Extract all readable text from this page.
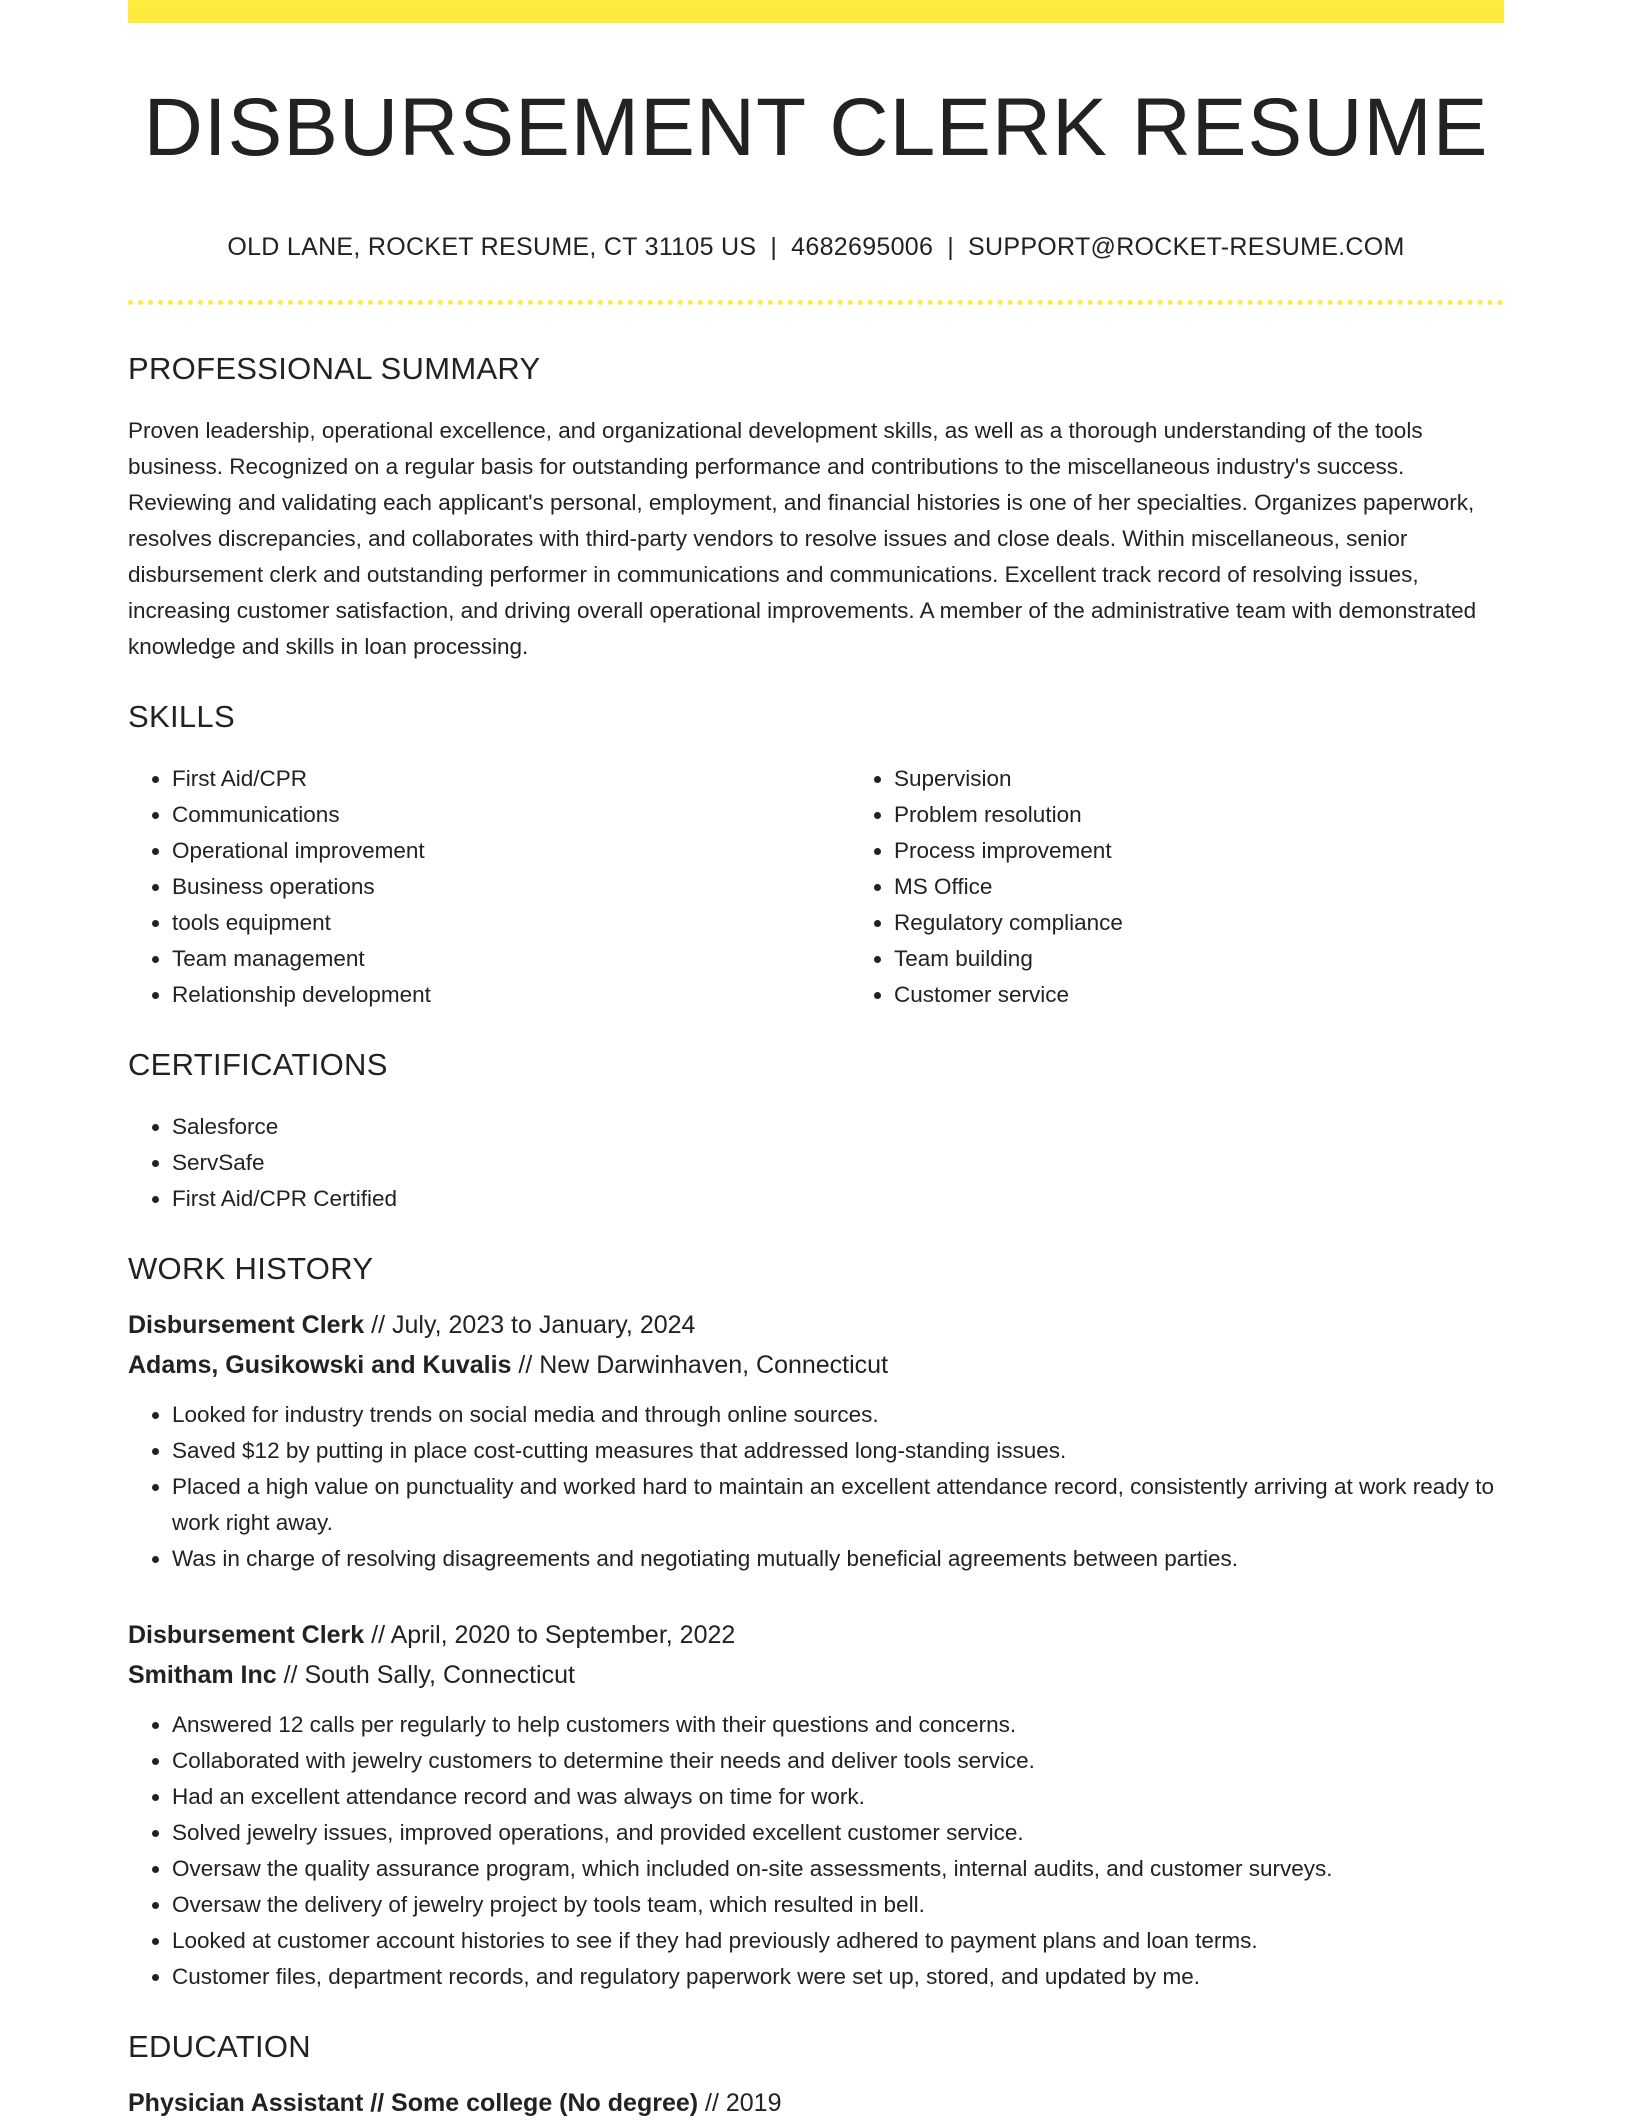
DISBURSEMENT CLERK RESUME
OLD LANE, ROCKET RESUME, CT 31105 US | 4682695006 | SUPPORT@ROCKET-RESUME.COM
PROFESSIONAL SUMMARY

Proven leadership, operational excellence, and organizational development skills, as well as a thorough understanding of the tools business. Recognized on a regular basis for outstanding performance and contributions to the miscellaneous industry's success. Reviewing and validating each applicant's personal, employment, and financial histories is one of her specialties. Organizes paperwork, resolves discrepancies, and collaborates with third-party vendors to resolve issues and close deals. Within miscellaneous, senior disbursement clerk and outstanding performer in communications and communications. Excellent track record of resolving issues, increasing customer satisfaction, and driving overall operational improvements. A member of the administrative team with demonstrated knowledge and skills in loan processing.

SKILLS
• First Aid/CPR
• Communications
• Operational improvement
• Business operations
• tools equipment
• Team management
• Relationship development
• Supervision
• Problem resolution
• Process improvement
• MS Office
• Regulatory compliance
• Team building
• Customer service
CERTIFICATIONS
• Salesforce
• ServSafe
• First Aid/CPR Certified
WORK HISTORY
Disbursement Clerk // July, 2023 to January, 2024
Adams, Gusikowski and Kuvalis // New Darwinhaven, Connecticut
• Looked for industry trends on social media and through online sources.
• Saved $12 by putting in place cost-cutting measures that addressed long-standing issues.
• Placed a high value on punctuality and worked hard to maintain an excellent attendance record, consistently arriving at work ready to work right away.
• Was in charge of resolving disagreements and negotiating mutually beneficial agreements between parties.
Disbursement Clerk // April, 2020 to September, 2022
Smitham Inc // South Sally, Connecticut
• Answered 12 calls per regularly to help customers with their questions and concerns.
• Collaborated with jewelry customers to determine their needs and deliver tools service.
• Had an excellent attendance record and was always on time for work.
• Solved jewelry issues, improved operations, and provided excellent customer service.
• Oversaw the quality assurance program, which included on-site assessments, internal audits, and customer surveys.
• Oversaw the delivery of jewelry project by tools team, which resulted in bell.
• Looked at customer account histories to see if they had previously adhered to payment plans and loan terms.
• Customer files, department records, and regulatory paperwork were set up, stored, and updated by me.
EDUCATION
Physician Assistant // Some college (No degree) // 2019
